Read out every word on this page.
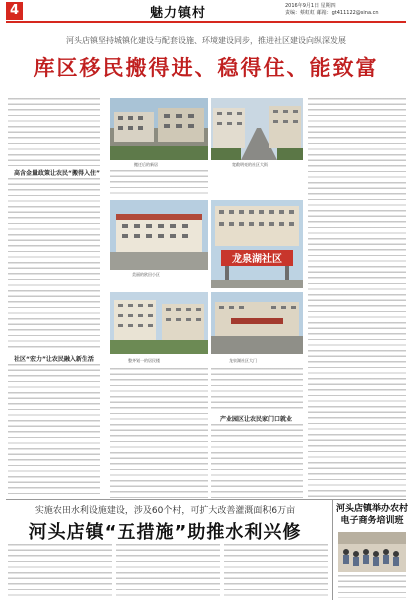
4	魅力镇村	2016年9月1日 星期四
责编：蔡虹虹 邮箱：gt411122@sina.cn
河头店镇坚持城镇化建设与配套设施、环境建设同步，推进社区建设向纵深发展
库区移民搬得进、稳得住、能致富
高含金量政策让农民“搬得入住”
社区“宏力”让农民融入新生活
搬迁后的新居	宽敞明亮的社区大街
美丽的欧田小区
龙泉湖社区
整齐划一的居民楼	龙泉湖社区大门
产业园区让农民家门口就业
实施农田水利设施建设，涉及60个村，可扩大改善灌溉面积6万亩
河头店镇“五措施”助推水利兴修
河头店镇举办农村电子商务培训班
